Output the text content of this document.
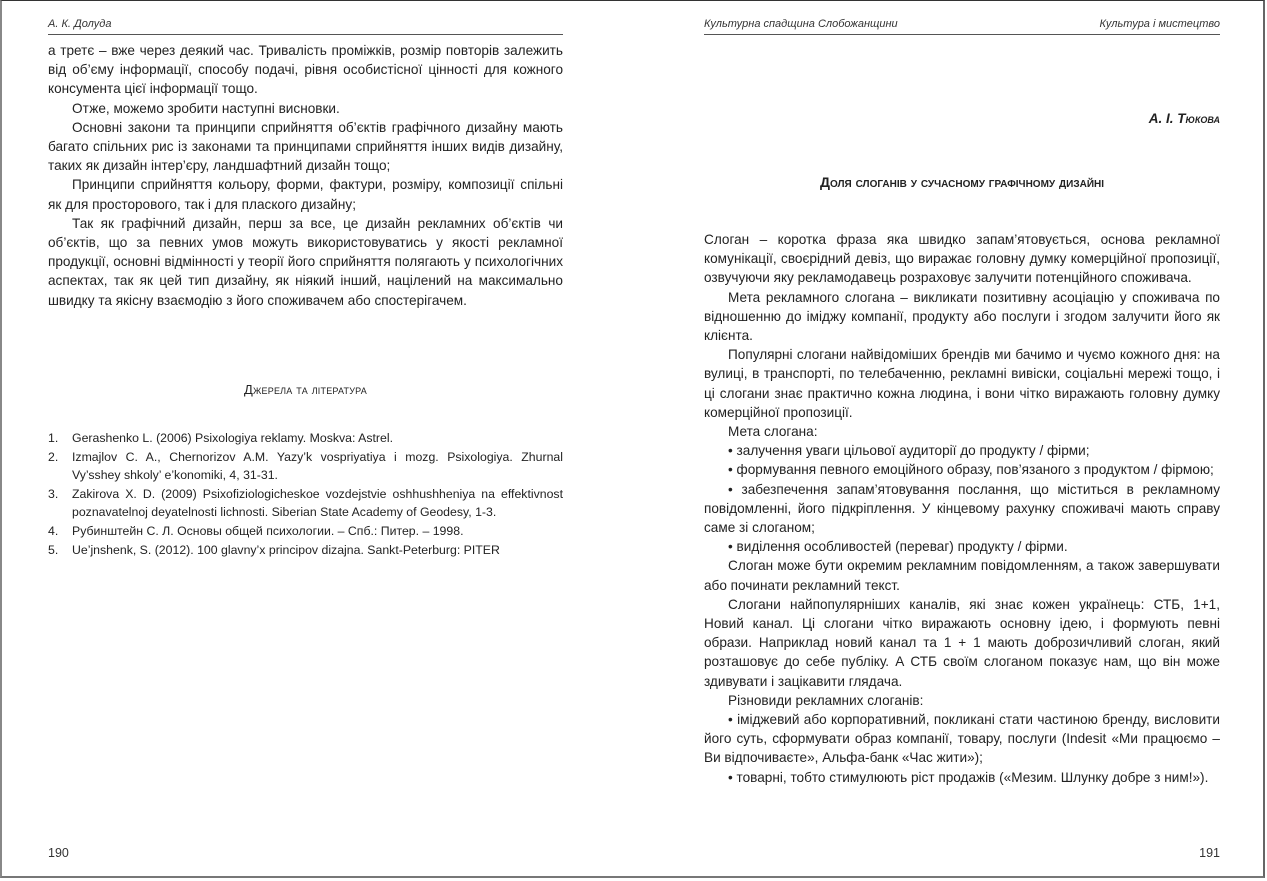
А. К. Долуда

а третє – вже через деякий час. Тривалість проміжків, розмір повторів залежить від об’єму інформації, способу подачі, рівня особистісної цінності для кожного консумента цієї інформації тощо.

Отже, можемо зробити наступні висновки.

Основні закони та принципи сприйняття об’єктів графічного дизайну мають багато спільних рис із законами та принципами сприйняття інших видів дизайну, таких як дизайн інтер’єру, ландшафтний дизайн тощо;

Принципи сприйняття кольору, форми, фактури, розміру, композиції спільні як для просторового, так і для плаского дизайну;

Так як графічний дизайн, перш за все, це дизайн рекламних об’єктів чи об’єктів, що за певних умов можуть використовуватись у якості рекламної продукції, основні відмінності у теорії його сприйняття полягають у психологічних аспектах, так як цей тип дизайну, як ніякий інший, націлений на максимально швидку та якісну взаємодію з його споживачем або спостерігачем.

Джерела та література
1.	Gerashenko L. (2006) Psixologiya reklamy. Moskva: Astrel.
2.	Izmajlov C. A., Chernorizov A.M. Yazy’k vospriyatiya i mozg. Psixologiya. Zhurnal Vy’sshey shkoly’ e’konomiki, 4, 31-31.
3.	Zakirova X. D. (2009) Psixofiziologicheskoe vozdejstvie oshhushheniya na effektivnost poznavatelnoj deyatelnosti lichnosti. Siberian State Academy of Geodesy, 1-3.
4.	Рубинштейн С. Л. Основы общей психологии. – Спб.: Питер. – 1998.
5.	Ue’jnshenk, S. (2012). 100 glavny’x principov dizajna. Sankt-Peterburg: PITER
190
Культурна спадщина Слобожанщини	Культура і мистецтво
А. І. Тюкова
Доля слоганів у сучасному графічному дизайні

Слоган – коротка фраза яка швидко запам’ятовується, основа рекламної комунікації, своєрідний девіз, що виражає головну думку комерційної пропозиції, озвучуючи яку рекламодавець розраховує залучити потенційного споживача.

Мета рекламного слогана – викликати позитивну асоціацію у споживача по відношенню до іміджу компанії, продукту або послуги і згодом залучити його як клієнта.

Популярні слогани найвідоміших брендів ми бачимо и чуємо кожного дня: на вулиці, в транспорті, по телебаченню, рекламні вивіски, соціальні мережі тощо, і ці слогани знає практично кожна людина, і вони чітко виражають головну думку комерційної пропозиції.

Мета слогана:

• залучення уваги цільової аудиторії до продукту / фірми;

• формування певного емоційного образу, пов’язаного з продуктом / фірмою;

• забезпечення запам’ятовування послання, що міститься в рекламному повідомленні, його підкріплення. У кінцевому рахунку споживачі мають справу саме зі слоганом;

• виділення особливостей (переваг) продукту / фірми.

Слоган може бути окремим рекламним повідомленням, а також завершувати або починати рекламний текст.

Слогани найпопулярніших каналів, які знає кожен українець: СТБ, 1+1, Новий канал. Ці слогани чітко виражають основну ідею, і формують певні образи. Наприклад новий канал та 1 + 1 мають доброзичливий слоган, який розташовує до себе публіку. А СТБ своїм слоганом показує нам, що він може здивувати і зацікавити глядача.

Різновиди рекламних слоганів:

• іміджевий або корпоративний, покликані стати частиною бренду, висловити його суть, сформувати образ компанії, товару, послуги (Indesit «Ми працюємо – Ви відпочиваєте», Альфа-банк «Час жити»);

• товарні, тобто стимулюють ріст продажів («Мезим. Шлунку добре з ним!»).

191
